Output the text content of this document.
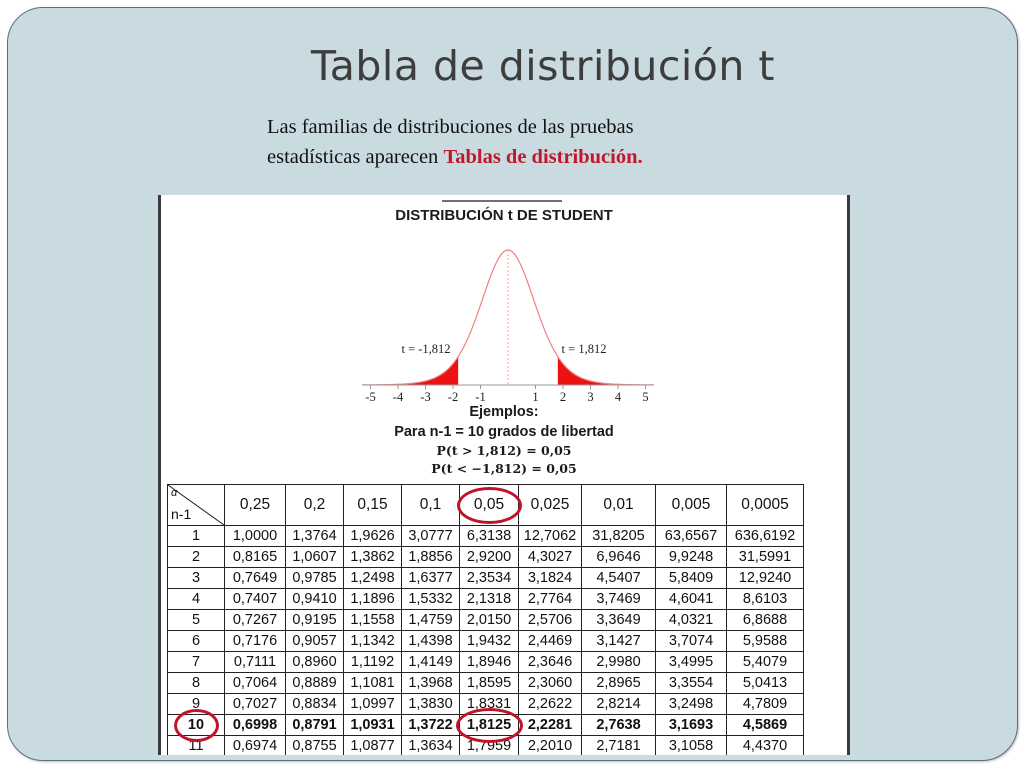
Tabla de distribución t
Las familias de distribuciones de las pruebas
estadísticas aparecen Tablas de distribución.
DISTRIBUCIÓN t DE STUDENT
-5 -4 -3 -2 -1	1 2 3 4 5
t = -1,812	t = 1,812
Ejemplos:
Para n-1 = 10 grados de libertad
P(t > 1,812) = 0,05
P(t < −1,812) = 0,05
α
n-1	0,25	0,2	0,15	0,1	0,05	0,025	0,01	0,005	0,0005
1	1,0000	1,3764	1,9626	3,0777	6,3138	12,7062	31,8205	63,6567	636,6192
2	0,8165	1,0607	1,3862	1,8856	2,9200	4,3027	6,9646	9,9248	31,5991
3	0,7649	0,9785	1,2498	1,6377	2,3534	3,1824	4,5407	5,8409	12,9240
4	0,7407	0,9410	1,1896	1,5332	2,1318	2,7764	3,7469	4,6041	8,6103
5	0,7267	0,9195	1,1558	1,4759	2,0150	2,5706	3,3649	4,0321	6,8688
6	0,7176	0,9057	1,1342	1,4398	1,9432	2,4469	3,1427	3,7074	5,9588
7	0,7111	0,8960	1,1192	1,4149	1,8946	2,3646	2,9980	3,4995	5,4079
8	0,7064	0,8889	1,1081	1,3968	1,8595	2,3060	2,8965	3,3554	5,0413
9	0,7027	0,8834	1,0997	1,3830	1,8331	2,2622	2,8214	3,2498	4,7809
10	0,6998	0,8791	1,0931	1,3722	1,8125	2,2281	2,7638	3,1693	4,5869
11	0,6974	0,8755	1,0877	1,3634	1,7959	2,2010	2,7181	3,1058	4,4370
